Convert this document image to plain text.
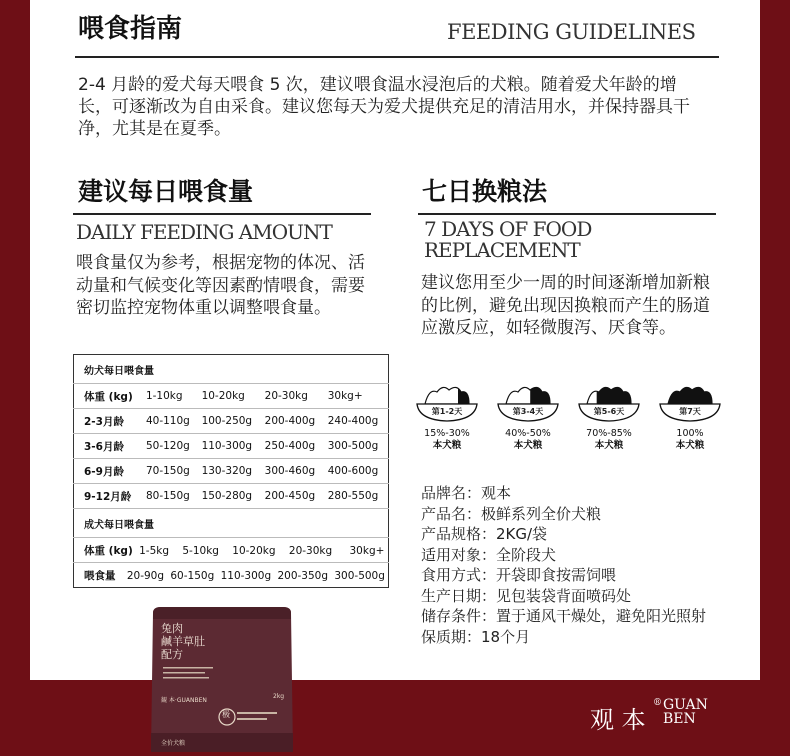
喂食指南	FEEDING GUIDELINES
2-4 月龄的爱犬每天喂食 5 次，建议喂食温水浸泡后的犬粮。随着爱犬年龄的增长，可逐渐改为自由采食。建议您每天为爱犬提供充足的清洁用水，并保持器具干净，尤其是在夏季。
建议每日喂食量
DAILY FEEDING AMOUNT
喂食量仅为参考，根据宠物的体况、活动量和气候变化等因素酌情喂食，需要密切监控宠物体重以调整喂食量。
幼犬每日喂食量				
体重 (kg)	1-10kg	10-20kg	20-30kg	30kg+
2-3月龄	40-110g	100-250g	200-400g	240-400g
3-6月龄	50-120g	110-300g	250-400g	300-500g
6-9月龄	70-150g	130-320g	300-460g	400-600g
9-12月龄	80-150g	150-280g	200-450g	280-550g
成犬每日喂食量				
体重 (kg) 1-5kg 5-10kg 10-20kg 20-30kg 30kg+				
喂食量 20-90g 60-150g 110-300g 200-350g 300-500g				
七日换粮法
7 DAYS OF FOOD
REPLACEMENT
建议您用至少一周的时间逐渐增加新粮的比例，避免出现因换粮而产生的肠道应激反应，如轻微腹泻、厌食等。
第1-2天
15%-30%
本犬粮
第3-4天
40%-50%
本犬粮
第5-6天
70%-85%
本犬粮
第7天
100%
本犬粮
品牌名：观本
产品名：极鲜系列全价犬粮
产品规格：2KG/袋
适用对象：全阶段犬
食用方式：开袋即食按需饲喂
生产日期：见包装袋背面喷码处
储存条件：置于通风干燥处，避免阳光照射
保质期：18个月
兔肉
鹹羊草肚
配方
観 本·GUANBEN
极
2kg
全价犬粮
观 本
® GUAN
BEN
